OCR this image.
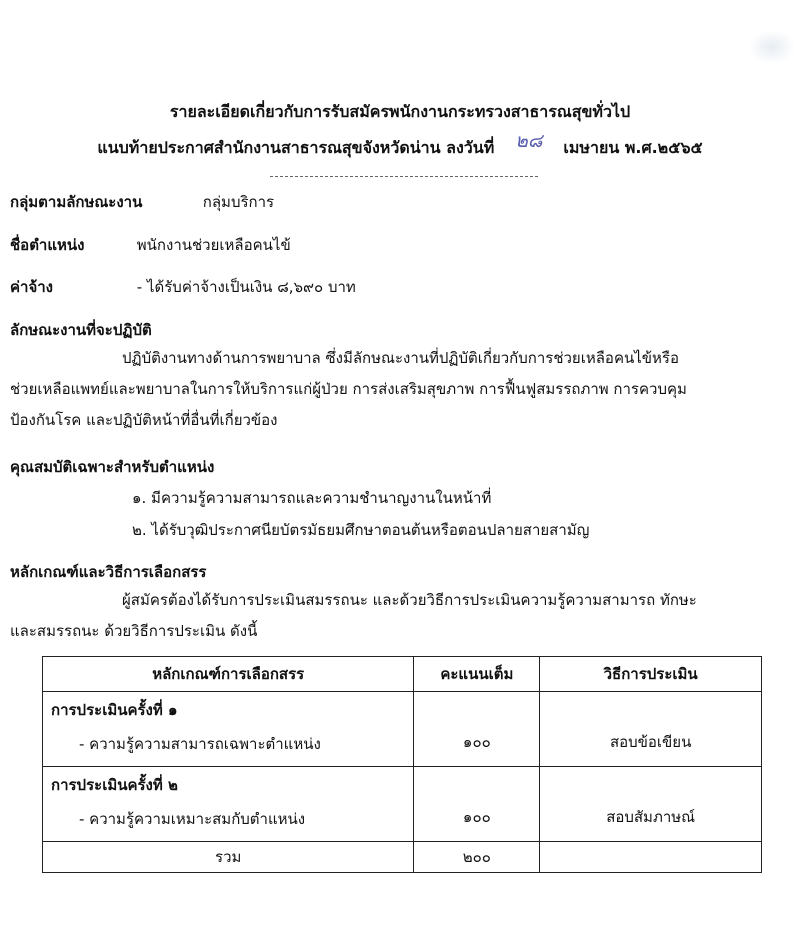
รายละเอียดเกี่ยวกับการรับสมัครพนักงานกระทรวงสาธารณสุขทั่วไป
แนบท้ายประกาศสำนักงานสาธารณสุขจังหวัดน่าน ลงวันที่ ๒๘ เมษายน พ.ศ.๒๕๖๕
กลุ่มตามลักษณะงาน	กลุ่มบริการ
ชื่อตำแหน่ง	พนักงานช่วยเหลือคนไข้
ค่าจ้าง	- ได้รับค่าจ้างเป็นเงิน ๘,๖๙๐ บาท
ลักษณะงานที่จะปฏิบัติ

ปฏิบัติงานทางด้านการพยาบาล ซึ่งมีลักษณะงานที่ปฏิบัติเกี่ยวกับการช่วยเหลือคนไข้หรือ

ช่วยเหลือแพทย์และพยาบาลในการให้บริการแก่ผู้ป่วย การส่งเสริมสุขภาพ การฟื้นฟูสมรรถภาพ การควบคุม

ป้องกันโรค และปฏิบัติหน้าที่อื่นที่เกี่ยวข้อง

คุณสมบัติเฉพาะสำหรับตำแหน่ง
๑. มีความรู้ความสามารถและความชำนาญงานในหน้าที่
๒. ได้รับวุฒิประกาศนียบัตรมัธยมศึกษาตอนต้นหรือตอนปลายสายสามัญ
หลักเกณฑ์และวิธีการเลือกสรร

ผู้สมัครต้องได้รับการประเมินสมรรถนะ และด้วยวิธีการประเมินความรู้ความสามารถ ทักษะ

และสมรรถนะ ด้วยวิธีการประเมิน ดังนี้

หลักเกณฑ์การเลือกสรร	คะแนนเต็ม	วิธีการประเมิน

การประเมินครั้งที่ ๑
- ความรู้ความสามารถเฉพาะตำแหน่ง	๑๐๐	สอบข้อเขียน

การประเมินครั้งที่ ๒
- ความรู้ความเหมาะสมกับตำแหน่ง	๑๐๐	สอบสัมภาษณ์
รวม	๒๐๐	
